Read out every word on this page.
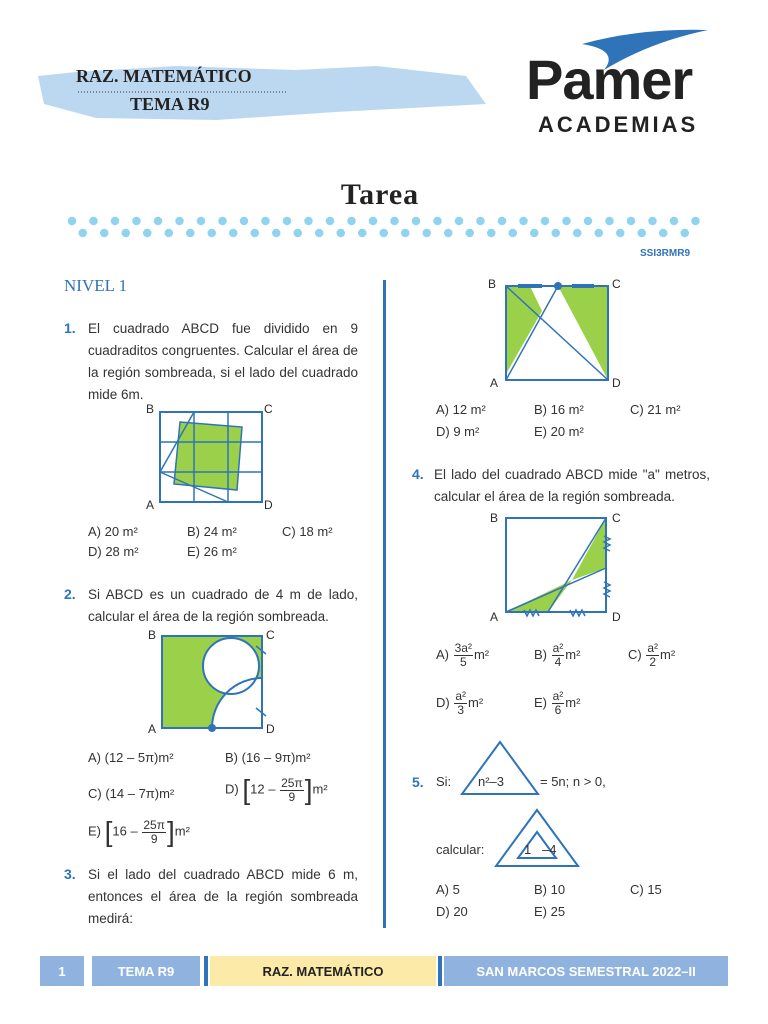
RAZ. MATEMÁTICO
TEMA R9	Pamer
ACADEMIAS
Tarea
SSI3RMR9
NIVEL 1
1. El cuadrado ABCD fue dividido en 9 cuadraditos congruentes. Calcular el área de la región sombreada, si el lado del cuadrado mide 6m.
B	C
A	D
A) 20 m²	B) 24 m²	C) 18 m²
D) 28 m²	E) 26 m²
2. Si ABCD es un cuadrado de 4 m de lado, calcular el área de la región sombreada.
B	C
A	D
A) (12 – 5π)m²	B) (16 – 9π)m²
C) (14 – 7π)m²	D) $[12 - \frac{25\pi}{9} ]m^2$
E) $[16 - \frac{25\pi}{9} ]m^2$
3. Si el lado del cuadrado ABCD mide 6 m, entonces el área de la región sombreada medirá:
B	C
A	D
A) 12 m²	B) 16 m²	C) 21 m²
D) 9 m²	E) 20 m²
4. El lado del cuadrado ABCD mide "a" metros, calcular el área de la región sombreada.
B	C
A	D
$A) \frac{\text{3a²}}{5} m^2$	$B) \frac{\text{a²}}{4} m^2$	$C) \frac{\text{a²}}{2} m^2$
$D) \frac{\text{a²}}{3} m^2$	$E) \frac{\text{a²}}{6} m^2$
5. Si: n²–3	= 5n; n > 0,
calcular:	1 –4
A) 5	B) 10	C) 15
D) 20	E) 25
1	TEMA R9	RAZ. MATEMÁTICO	SAN MARCOS SEMESTRAL 2022–II
